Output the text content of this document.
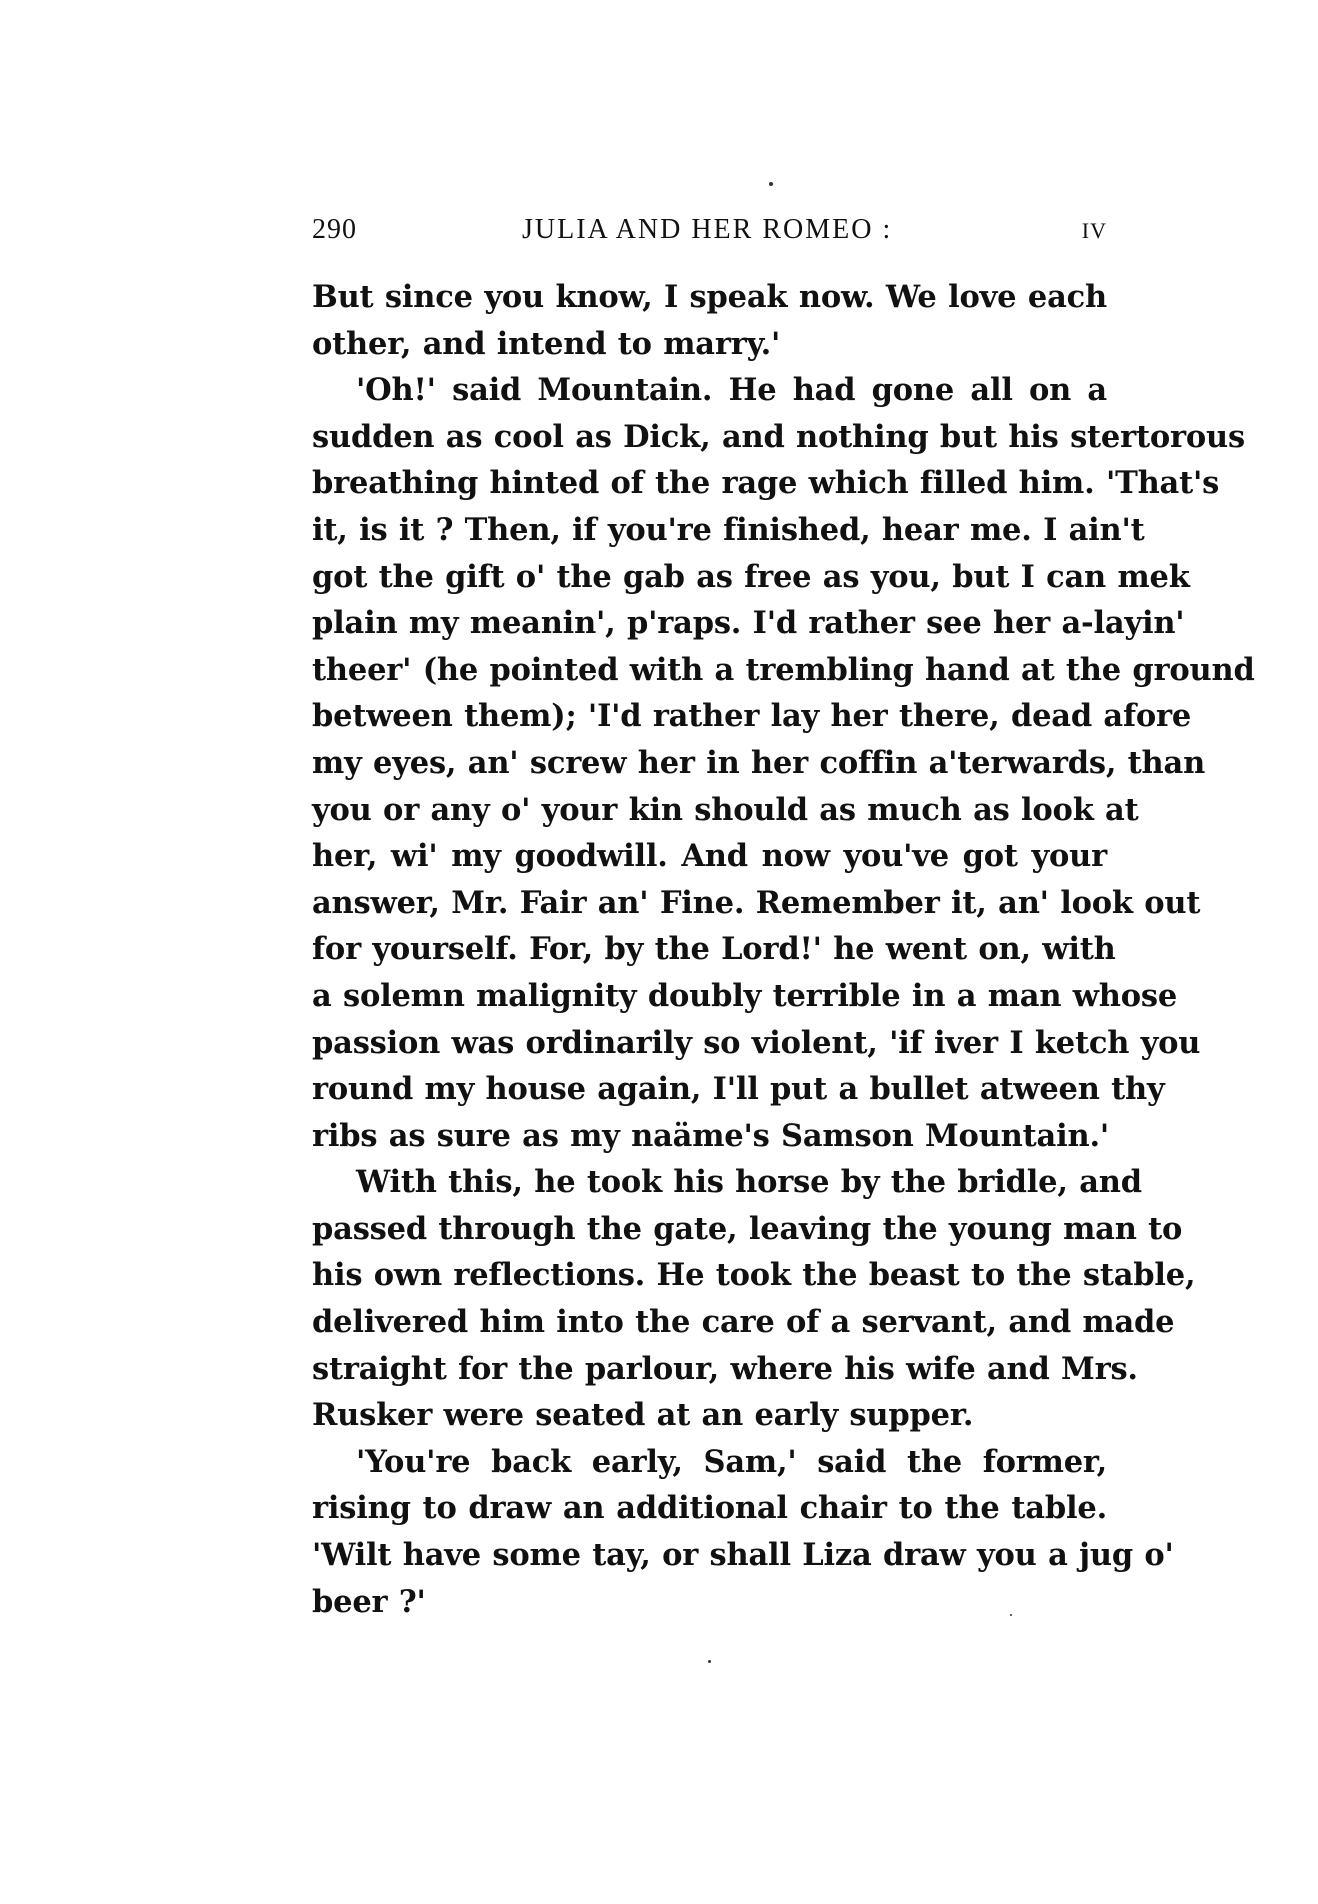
290	JULIA AND HER ROMEO :	IV
But since you know, I speak now. We love each
other, and intend to marry.'
'Oh!' said Mountain. He had gone all on a
sudden as cool as Dick, and nothing but his stertorous
breathing hinted of the rage which filled him. 'That's
it, is it ? Then, if you're finished, hear me. I ain't
got the gift o' the gab as free as you, but I can mek
plain my meanin', p'raps. I'd rather see her a-layin'
theer' (he pointed with a trembling hand at the ground
between them); 'I'd rather lay her there, dead afore
my eyes, an' screw her in her coffin a'terwards, than
you or any o' your kin should as much as look at
her, wi' my goodwill. And now you've got your
answer, Mr. Fair an' Fine. Remember it, an' look out
for yourself. For, by the Lord!' he went on, with
a solemn malignity doubly terrible in a man whose
passion was ordinarily so violent, 'if iver I ketch you
round my house again, I'll put a bullet atween thy
ribs as sure as my naäme's Samson Mountain.'
With this, he took his horse by the bridle, and
passed through the gate, leaving the young man to
his own reflections. He took the beast to the stable,
delivered him into the care of a servant, and made
straight for the parlour, where his wife and Mrs.
Rusker were seated at an early supper.
'You're back early, Sam,' said the former,
rising to draw an additional chair to the table.
'Wilt have some tay, or shall Liza draw you a jug o'
beer ?'
